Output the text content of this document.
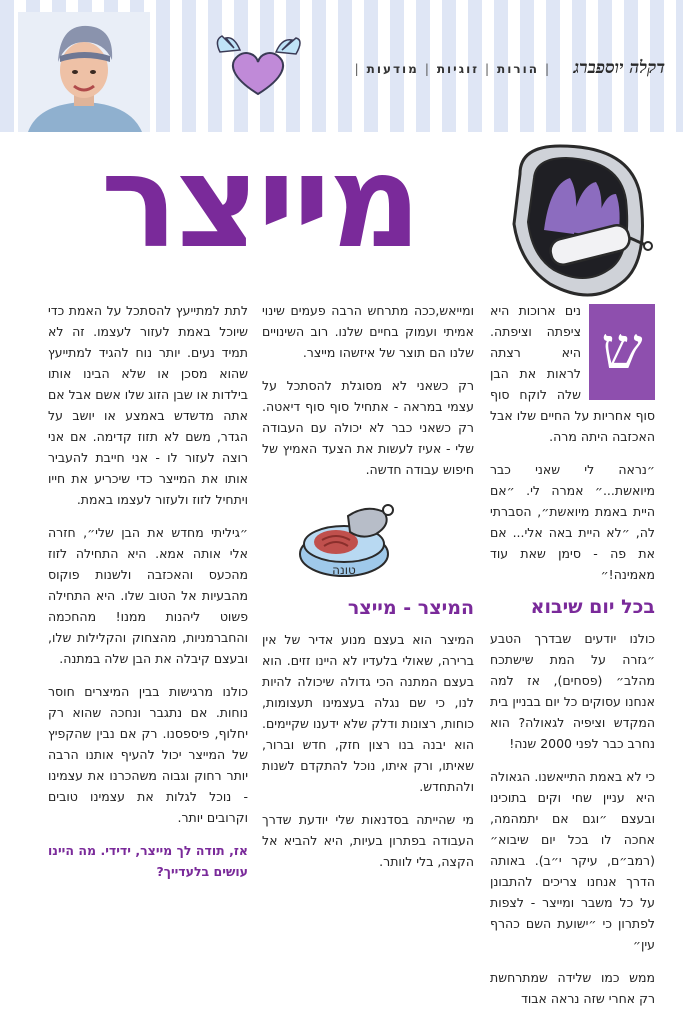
דקלה יוספברג
|
הורות
|
זוגיות
|
מודעות
|
מייצר
ש

נים ארוכות היא ציפתה וציפתה. היא רצתה לראות את הבן שלה לוקח סוף סוף אחריות על החיים שלו אבל האכזבה היתה מרה.

״נראה לי שאני כבר מיואשת...״ אמרה לי. ״אם היית באמת מיואשת״, הסברתי לה, ״לא היית באה אלי... אם את פה - סימן שאת עוד מאמינה!״

בכל יום שיבוא

כולנו יודעים שבדרך הטבע ״גזרה על המת שישתכח מהלב״ (פסחים), אז למה אנחנו עסוקים כל יום בבניין בית המקדש וציפיה לגאולה? הוא נחרב כבר לפני 2000 שנה!

כי לא באמת התייאשנו. הגאולה היא עניין שחי וקים בתוכינו ובעצם ״וגם אם יתמהמה, אחכה לו בכל יום שיבוא״ (רמב״ם, עיקר י״ב). באותה הדרך אנחנו צריכים להתבונן על כל משבר ומייצר - לצפות לפתרון כי ״ישועת השם כהרף עין״

ממש כמו שלידה שמתרחשת רק אחרי שזה נראה אבוד

ומייאש,ככה מתרחש הרבה פעמים שינוי אמיתי ועמוק בחיים שלנו. רוב השינויים שלנו הם תוצר של איזשהו מייצר.

רק כשאני לא מסוגלת להסתכל על עצמי במראה - אתחיל סוף סוף דיאטה. רק כשאני כבר לא יכולה עם העבודה שלי - אעיז לעשות את הצעד האמיץ של חיפוש עבודה חדשה.

טונה
המיצר - מייצר

המיצר הוא בעצם מנוע אדיר של אין ברירה, שאולי בלעדיו לא היינו זזים. הוא בעצם המתנה הכי גדולה שיכולה להיות לנו, כי שם נגלה בעצמינו תעצומות, כוחות, רצונות ודלק שלא ידענו שקיימים. הוא יבנה בנו רצון חזק, חדש וברור, שאיתו, ורק איתו, נוכל להתקדם לשנות ולהתחדש.

מי שהייתה בסדנאות שלי יודעת שדרך העבודה בפתרון בעיות, היא להביא אל הקצה, בלי לוותר.

לתת למתייעץ להסתכל על האמת כדי שיוכל באמת לעזור לעצמו. זה לא תמיד נעים. יותר נוח להגיד למתייעץ שהוא מסכן או שלא הבינו אותו בילדות או שבן הזוג שלו אשם אבל אם אתה מדשדש באמצע או יושב על הגדר, משם לא תזוז קדימה. אם אני רוצה לעזור לו - אני חייבת להעביר אותו את המייצר כדי שיכריע את חייו ויתחיל לזוז ולעזור לעצמו באמת.

״גיליתי מחדש את הבן שלי״, חזרה אלי אותה אמא. היא התחילה לזוז מהכעס והאכזבה ולשנות פוקוס מהבעיות אל הטוב שלו. היא התחילה פשוט ליהנות ממנו! מהחכמה והחברמניות, מהצחוק והקלילות שלו, ובעצם קיבלה את הבן שלה במתנה.

כולנו מרגישות בבין המיצרים חוסר נוחות. אם נתגבר ונחכה שהוא רק יחלוף, פיספסנו. רק אם נבין שהקפיץ של המייצר יכול להעיף אותנו הרבה יותר רחוק וגבוה משהכרנו את עצמינו - נוכל לגלות את עצמינו טובים וקרובים יותר.

אז, תודה לך מייצר, ידידי. מה היינו עושים בלעדייך?
